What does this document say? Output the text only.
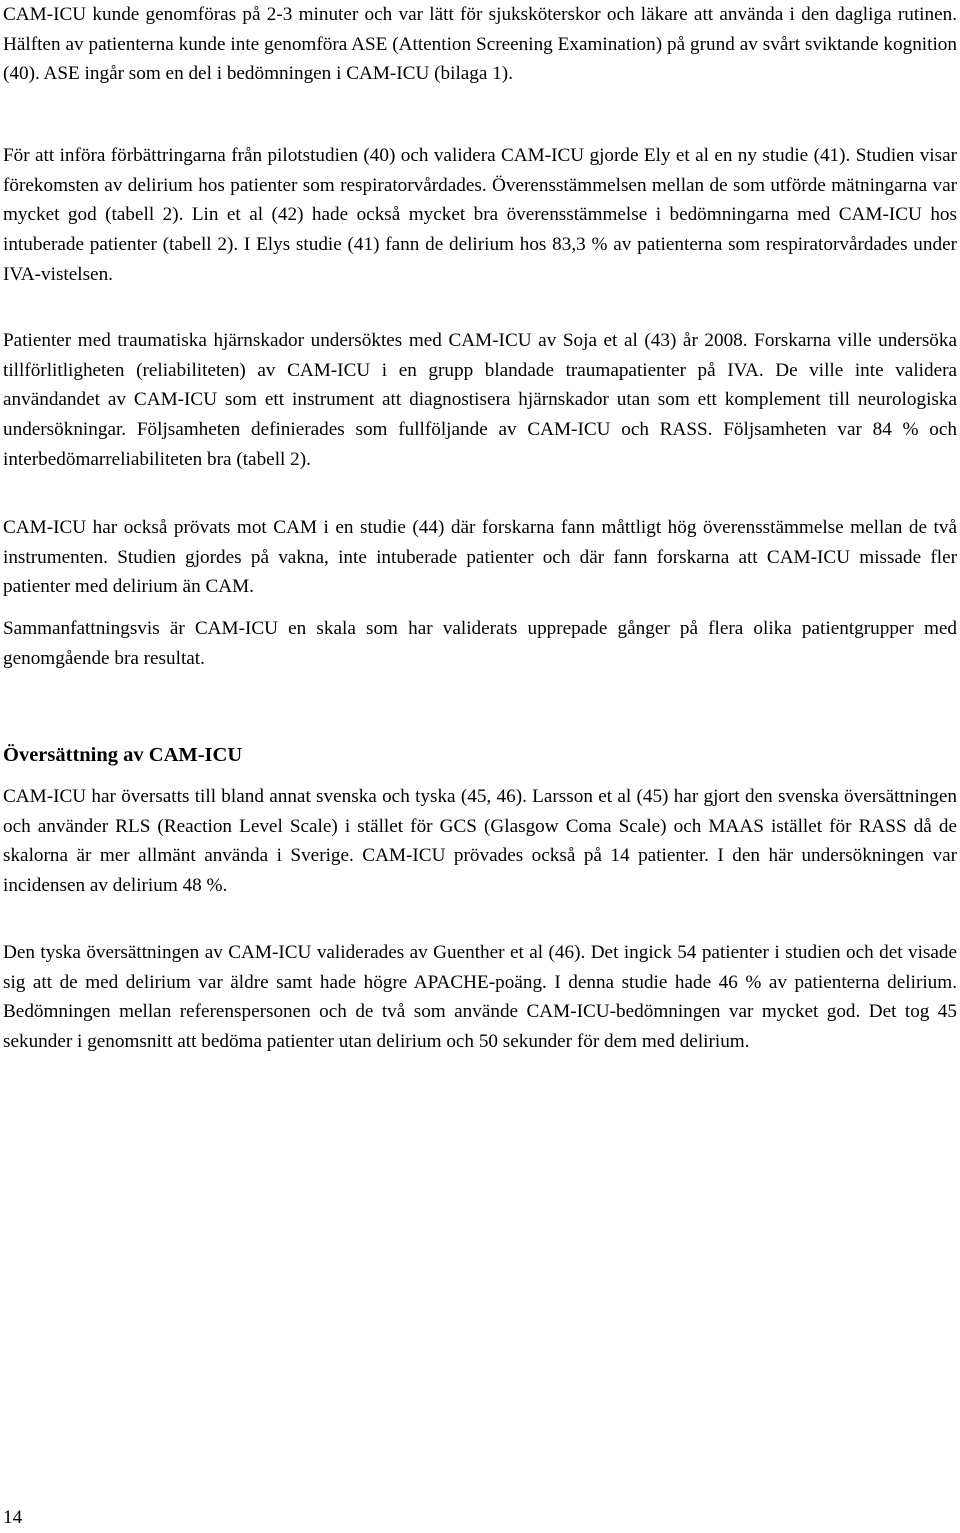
CAM-ICU kunde genomföras på 2-3 minuter och var lätt för sjuksköterskor och läkare att använda i den dagliga rutinen. Hälften av patienterna kunde inte genomföra ASE (Attention Screening Examination) på grund av svårt sviktande kognition (40). ASE ingår som en del i bedömningen i CAM-ICU (bilaga 1).

För att införa förbättringarna från pilotstudien (40) och validera CAM-ICU gjorde Ely et al en ny studie (41). Studien visar förekomsten av delirium hos patienter som respiratorvårdades. Överensstämmelsen mellan de som utförde mätningarna var mycket god (tabell 2). Lin et al (42) hade också mycket bra överensstämmelse i bedömningarna med CAM-ICU hos intuberade patienter (tabell 2). I Elys studie (41) fann de delirium hos 83,3 % av patienterna som respiratorvårdades under IVA-vistelsen.

Patienter med traumatiska hjärnskador undersöktes med CAM-ICU av Soja et al (43) år 2008. Forskarna ville undersöka tillförlitligheten (reliabiliteten) av CAM-ICU i en grupp blandade traumapatienter på IVA. De ville inte validera användandet av CAM-ICU som ett instrument att diagnostisera hjärnskador utan som ett komplement till neurologiska undersökningar. Följsamheten definierades som fullföljande av CAM-ICU och RASS. Följsamheten var 84 % och interbedömarreliabiliteten bra (tabell 2).

CAM-ICU har också prövats mot CAM i en studie (44) där forskarna fann måttligt hög överensstämmelse mellan de två instrumenten. Studien gjordes på vakna, inte intuberade patienter och där fann forskarna att CAM-ICU missade fler patienter med delirium än CAM.

Sammanfattningsvis är CAM-ICU en skala som har validerats upprepade gånger på flera olika patientgrupper med genomgående bra resultat.

Översättning av CAM-ICU

CAM-ICU har översatts till bland annat svenska och tyska (45, 46). Larsson et al (45) har gjort den svenska översättningen och använder RLS (Reaction Level Scale) i stället för GCS (Glasgow Coma Scale) och MAAS istället för RASS då de skalorna är mer allmänt använda i Sverige. CAM-ICU prövades också på 14 patienter. I den här undersökningen var incidensen av delirium 48 %.

Den tyska översättningen av CAM-ICU validerades av Guenther et al (46). Det ingick 54 patienter i studien och det visade sig att de med delirium var äldre samt hade högre APACHE-poäng. I denna studie hade 46 % av patienterna delirium. Bedömningen mellan referenspersonen och de två som använde CAM-ICU-bedömningen var mycket god. Det tog 45 sekunder i genomsnitt att bedöma patienter utan delirium och 50 sekunder för dem med delirium.

14
